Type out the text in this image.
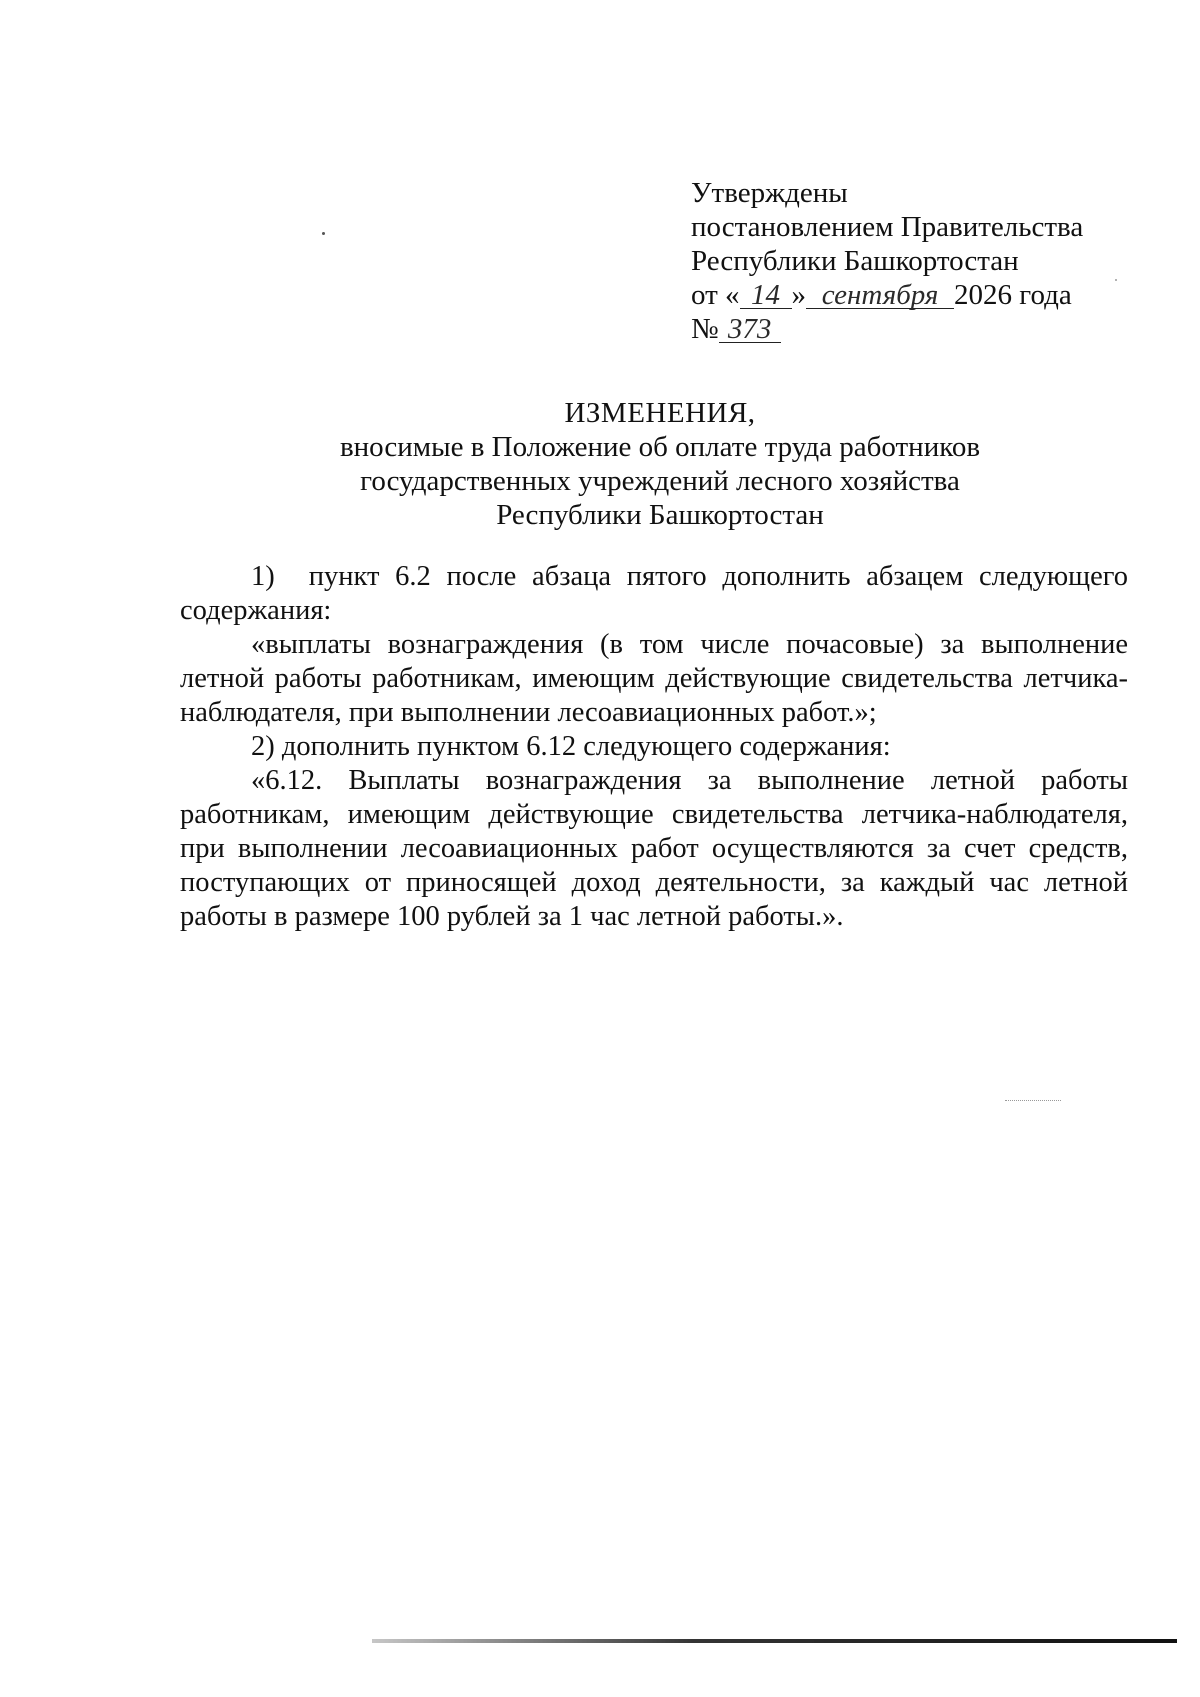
Утверждены
постановлением Правительства
Республики Башкортостан
от « 14 » сентября 2026 года
№ 373
ИЗМЕНЕНИЯ,
вносимые в Положение об оплате труда работников
государственных учреждений лесного хозяйства
Республики Башкортостан

1) пункт 6.2 после абзаца пятого дополнить абзацем следующего содержания:

«выплаты вознаграждения (в том числе почасовые) за выполнение летной работы работникам, имеющим действующие свидетельства летчика-наблюдателя, при выполнении лесоавиационных работ.»;

2) дополнить пунктом 6.12 следующего содержания:

«6.12. Выплаты вознаграждения за выполнение летной работы работникам, имеющим действующие свидетельства летчика-наблюдателя, при выполнении лесоавиационных работ осуществляются за счет средств, поступающих от приносящей доход деятельности, за каждый час летной работы в размере 100 рублей за 1 час летной работы.».
